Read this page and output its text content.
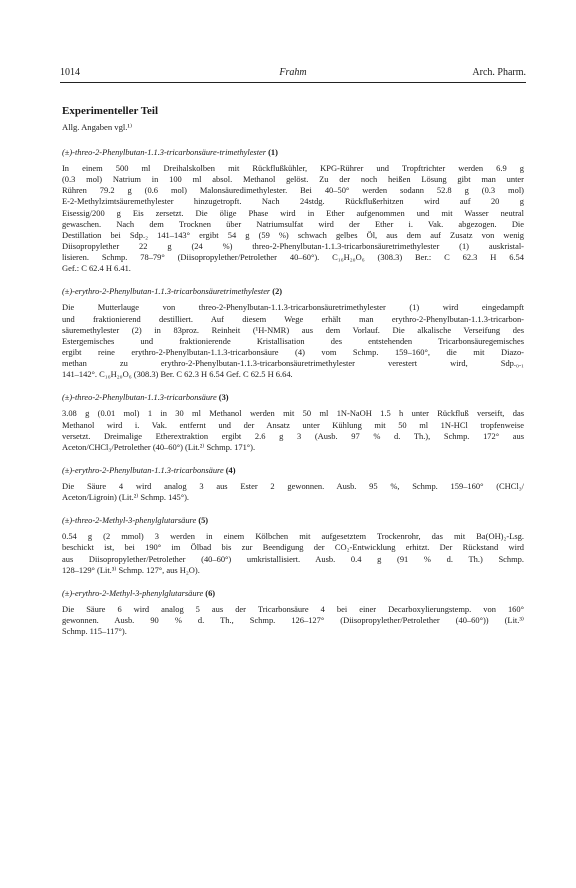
1014	Frahm	Arch. Pharm.
Experimenteller Teil
Allg. Angaben vgl.¹⁾
(±)-threo-2-Phenylbutan-1.1.3-tricarbonsäure-trimethylester (1)
In einem 500 ml Dreihalskolben mit Rückflußkühler, KPG-Rührer und Tropftrichter werden 6.9 g
(0.3 mol) Natrium in 100 ml absol. Methanol gelöst. Zu der noch heißen Lösung gibt man unter
Rühren 79.2 g (0.6 mol) Malonsäuredimethylester. Bei 40–50° werden sodann 52.8 g (0.3 mol)
E-2-Methylzimtsäuremethylester hinzugetropft. Nach 24stdg. Rückflußerhitzen wird auf 20 g
Eisessig/200 g Eis zersetzt. Die ölige Phase wird in Ether aufgenommen und mit Wasser neutral
gewaschen. Nach dem Trocknen über Natriumsulfat wird der Ether i. Vak. abgezogen. Die
Destillation bei Sdp.₂ 141–143° ergibt 54 g (59 %) schwach gelbes Öl, aus dem auf Zusatz von wenig
Diisopropylether 22 g (24 %) threo-2-Phenylbutan-1.1.3-tricarbonsäuretrimethylester (1) auskristal-
lisieren. Schmp. 78–79° (Diisopropylether/Petrolether 40–60°). C₁₆H₂₀O₆ (308.3) Ber.: C 62.3 H 6.54
Gef.: C 62.4 H 6.41.
(±)-erythro-2-Phenylbutan-1.1.3-tricarbonsäuretrimethylester (2)
Die Mutterlauge von threo-2-Phenylbutan-1.1.3-tricarbonsäuretrimethylester (1) wird eingedampft
und fraktionierend destilliert. Auf diesem Wege erhält man erythro-2-Phenylbutan-1.1.3-tricarbon-
säuremethylester (2) in 83proz. Reinheit (¹H-NMR) aus dem Vorlauf. Die alkalische Verseifung des
Estergemisches und fraktionierende Kristallisation des entstehenden Tricarbonsäuregemisches
ergibt reine erythro-2-Phenylbutan-1.1.3-tricarbonsäure (4) vom Schmp. 159–160°, die mit Diazo-
methan zu erythro-2-Phenylbutan-1.1.3-tricarbonsäuretrimethylester verestert wird, Sdp.₀.₁
141–142°. C₁₆H₂₀O₆ (308.3) Ber. C 62.3 H 6.54 Gef. C 62.5 H 6.64.
(±)-threo-2-Phenylbutan-1.1.3-tricarbonsäure (3)
3.08 g (0.01 mol) 1 in 30 ml Methanol werden mit 50 ml 1N-NaOH 1.5 h unter Rückfluß verseift, das
Methanol wird i. Vak. entfernt und der Ansatz unter Kühlung mit 50 ml 1N-HCl tropfenweise
versetzt. Dreimalige Etherextraktion ergibt 2.6 g 3 (Ausb. 97 % d. Th.), Schmp. 172° aus
Aceton/CHCl₃/Petrolether (40–60°) (Lit.²⁾ Schmp. 171°).
(±)-erythro-2-Phenylbutan-1.1.3-tricarbonsäure (4)
Die Säure 4 wird analog 3 aus Ester 2 gewonnen. Ausb. 95 %, Schmp. 159–160° (CHCl₃/
Aceton/Ligroin) (Lit.²⁾ Schmp. 145°).
(±)-threo-2-Methyl-3-phenylglutarsäure (5)
0.54 g (2 mmol) 3 werden in einem Kölbchen mit aufgesetztem Trockenrohr, das mit Ba(OH)₂-Lsg.
beschickt ist, bei 190° im Ölbad bis zur Beendigung der CO₂-Entwicklung erhitzt. Der Rückstand wird
aus Diisopropylether/Petrolether (40–60°) umkristallisiert. Ausb. 0.4 g (91 % d. Th.) Schmp.
128–129° (Lit.³⁾ Schmp. 127°, aus H₂O).
(±)-erythro-2-Methyl-3-phenylglutarsäure (6)
Die Säure 6 wird analog 5 aus der Tricarbonsäure 4 bei einer Decarboxylierungstemp. von 160°
gewonnen. Ausb. 90 % d. Th., Schmp. 126–127° (Diisopropylether/Petrolether (40–60°)) (Lit.³⁾
Schmp. 115–117°).
